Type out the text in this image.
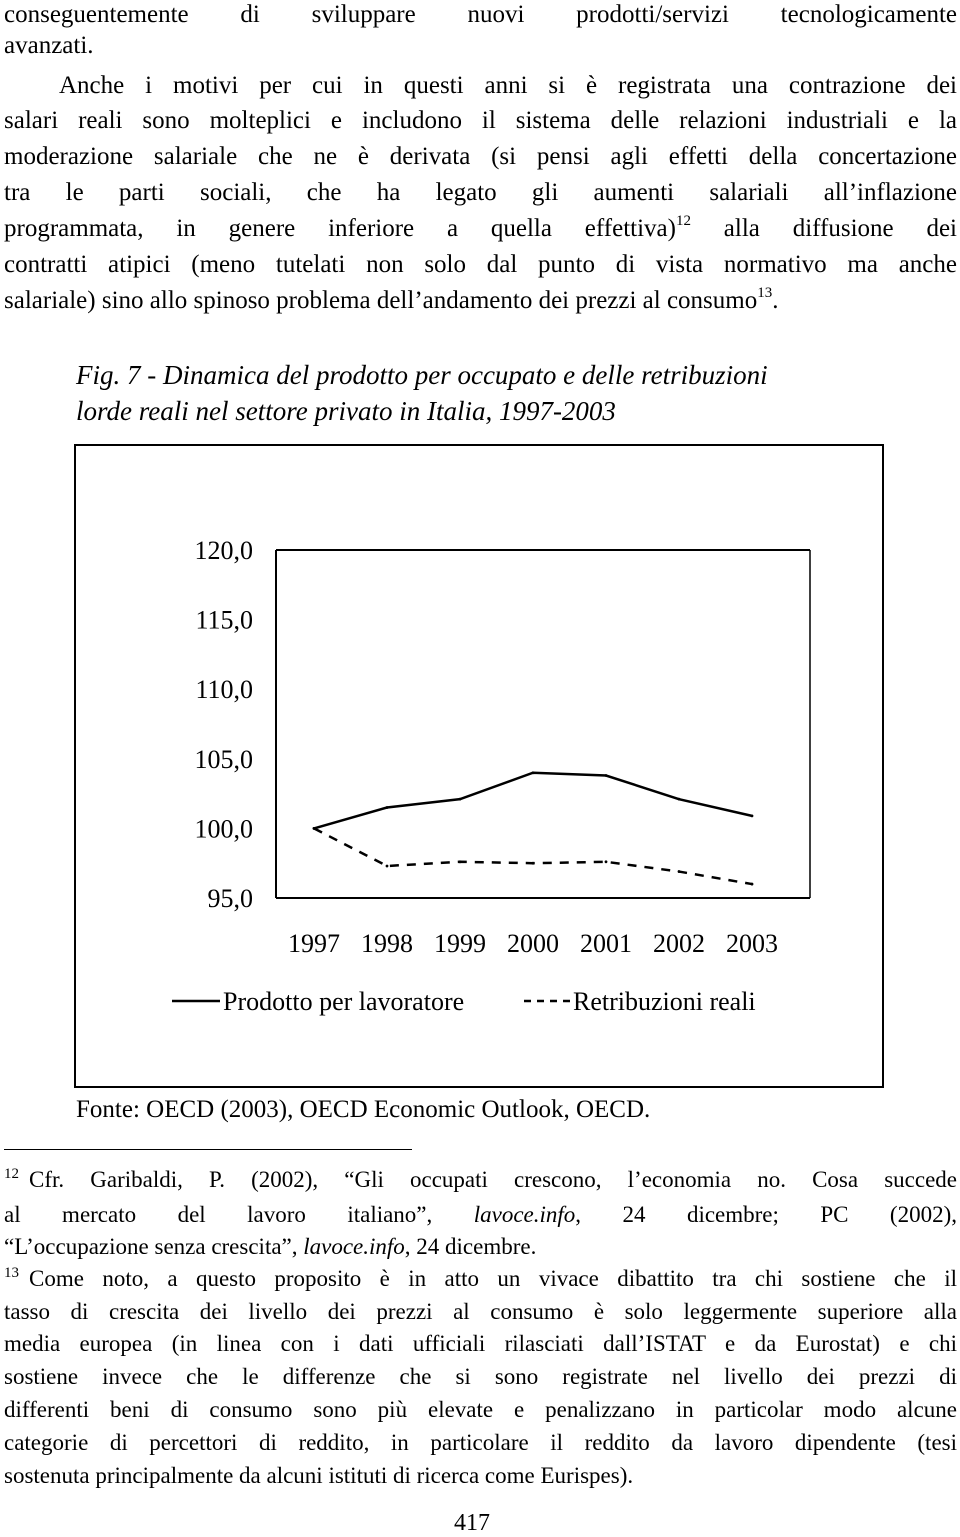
conseguentemente di sviluppare nuovi prodotti/servizi tecnologicamente
avanzati.
Anche i motivi per cui in questi anni si è registrata una contrazione dei
salari reali sono molteplici e includono il sistema delle relazioni industriali e la
moderazione salariale che ne è derivata (si pensi agli effetti della concertazione
tra le parti sociali, che ha legato gli aumenti salariali all’inflazione
programmata, in genere inferiore a quella effettiva)$^{12}$ alla diffusione dei
contratti atipici (meno tutelati non solo dal punto di vista normativo ma anche
salariale) sino allo spinoso problema dell’andamento dei prezzi al consumo$^{13}$.
Fig. 7 - Dinamica del prodotto per occupato e delle retribuzioni
lorde reali nel settore privato in Italia, 1997-2003
95,0
100,0
105,0
110,0
115,0
120,0
1997 1998 1999 2000 2001 2002 2003
Prodotto per lavoratore	Retribuzioni reali
Fonte: OECD (2003), OECD Economic Outlook, OECD.
$^{12}$ Cfr. Garibaldi, P. (2002), “Gli occupati crescono, l’economia no. Cosa succede
al mercato del lavoro italiano”, lavoce.info, 24 dicembre; PC (2002),
“L’occupazione senza crescita”, lavoce.info, 24 dicembre.
$^{13}$ Come noto, a questo proposito è in atto un vivace dibattito tra chi sostiene che il
tasso di crescita dei livello dei prezzi al consumo è solo leggermente superiore alla
media europea (in linea con i dati ufficiali rilasciati dall’ISTAT e da Eurostat) e chi
sostiene invece che le differenze che si sono registrate nel livello dei prezzi di
differenti beni di consumo sono più elevate e penalizzano in particolar modo alcune
categorie di percettori di reddito, in particolare il reddito da lavoro dipendente (tesi
sostenuta principalmente da alcuni istituti di ricerca come Eurispes).
417
